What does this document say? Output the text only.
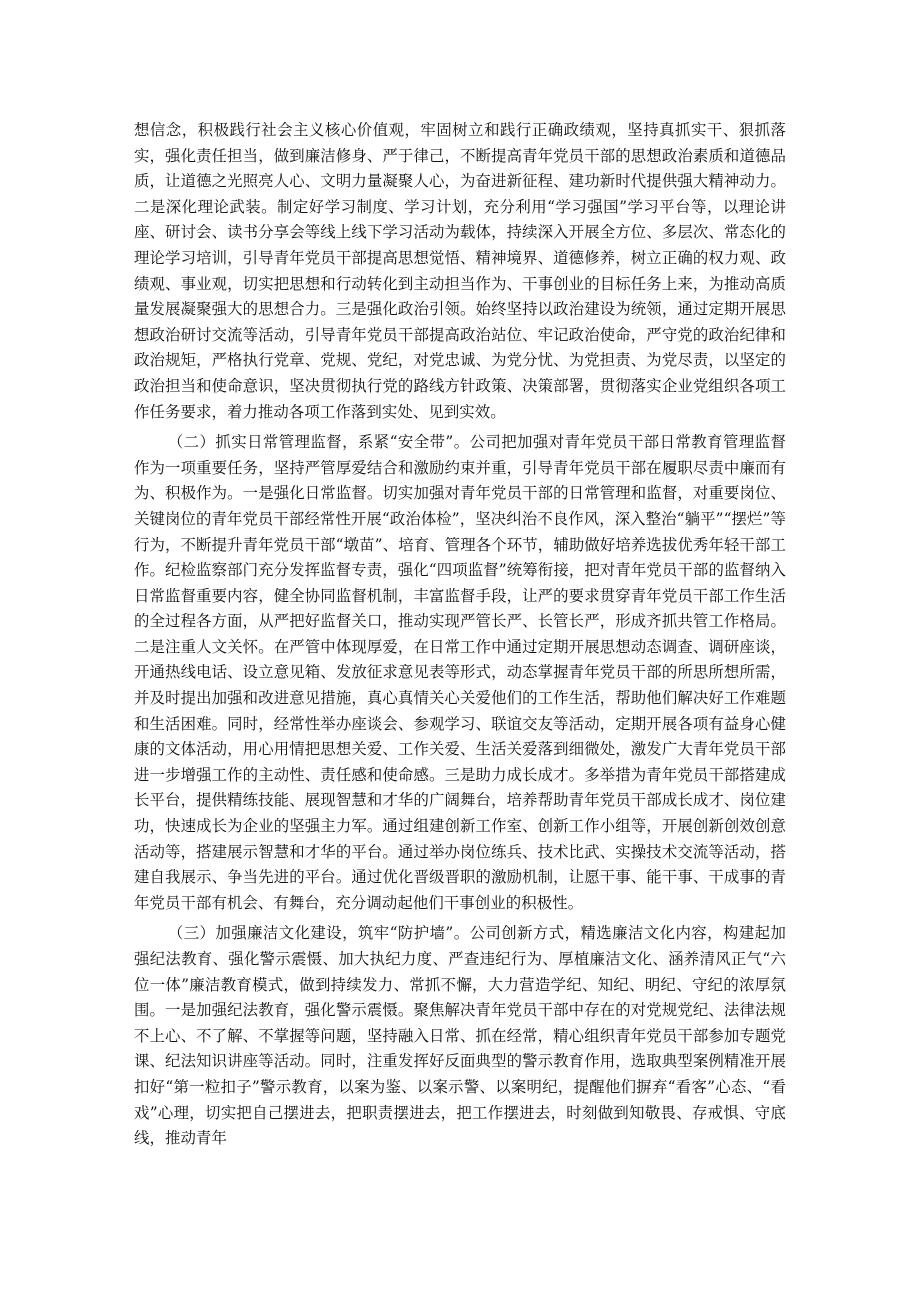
想信念，积极践行社会主义核心价值观，牢固树立和践行正确政绩观，坚持真抓实干、狠抓落实，强化责任担当，做到廉洁修身、严于律己，不断提高青年党员干部的思想政治素质和道德品质，让道德之光照亮人心、文明力量凝聚人心，为奋进新征程、建功新时代提供强大精神动力。二是深化理论武装。制定好学习制度、学习计划，充分利用“学习强国”学习平台等，以理论讲座、研讨会、读书分享会等线上线下学习活动为载体，持续深入开展全方位、多层次、常态化的理论学习培训，引导青年党员干部提高思想觉悟、精神境界、道德修养，树立正确的权力观、政绩观、事业观，切实把思想和行动转化到主动担当作为、干事创业的目标任务上来，为推动高质量发展凝聚强大的思想合力。三是强化政治引领。始终坚持以政治建设为统领，通过定期开展思想政治研讨交流等活动，引导青年党员干部提高政治站位、牢记政治使命，严守党的政治纪律和政治规矩，严格执行党章、党规、党纪，对党忠诚、为党分忧、为党担责、为党尽责，以坚定的政治担当和使命意识，坚决贯彻执行党的路线方针政策、决策部署，贯彻落实企业党组织各项工作任务要求，着力推动各项工作落到实处、见到实效。

（二）抓实日常管理监督，系紧“安全带”。公司把加强对青年党员干部日常教育管理监督作为一项重要任务，坚持严管厚爱结合和激励约束并重，引导青年党员干部在履职尽责中廉而有为、积极作为。一是强化日常监督。切实加强对青年党员干部的日常管理和监督，对重要岗位、关键岗位的青年党员干部经常性开展“政治体检”，坚决纠治不良作风，深入整治“躺平”“摆烂”等行为，不断提升青年党员干部“墩苗”、培育、管理各个环节，辅助做好培养选拔优秀年轻干部工作。纪检监察部门充分发挥监督专责，强化“四项监督”统筹衔接，把对青年党员干部的监督纳入日常监督重要内容，健全协同监督机制，丰富监督手段，让严的要求贯穿青年党员干部工作生活的全过程各方面，从严把好监督关口，推动实现严管长严、长管长严，形成齐抓共管工作格局。二是注重人文关怀。在严管中体现厚爱，在日常工作中通过定期开展思想动态调查、调研座谈，开通热线电话、设立意见箱、发放征求意见表等形式，动态掌握青年党员干部的所思所想所需，并及时提出加强和改进意见措施，真心真情关心关爱他们的工作生活，帮助他们解决好工作难题和生活困难。同时，经常性举办座谈会、参观学习、联谊交友等活动，定期开展各项有益身心健康的文体活动，用心用情把思想关爱、工作关爱、生活关爱落到细微处，激发广大青年党员干部进一步增强工作的主动性、责任感和使命感。三是助力成长成才。多举措为青年党员干部搭建成长平台，提供精练技能、展现智慧和才华的广阔舞台，培养帮助青年党员干部成长成才、岗位建功，快速成长为企业的坚强主力军。通过组建创新工作室、创新工作小组等，开展创新创效创意活动等，搭建展示智慧和才华的平台。通过举办岗位练兵、技术比武、实操技术交流等活动，搭建自我展示、争当先进的平台。通过优化晋级晋职的激励机制，让愿干事、能干事、干成事的青年党员干部有机会、有舞台，充分调动起他们干事创业的积极性。

（三）加强廉洁文化建设，筑牢“防护墙”。公司创新方式，精选廉洁文化内容，构建起加强纪法教育、强化警示震慑、加大执纪力度、严查违纪行为、厚植廉洁文化、涵养清风正气“六位一体”廉洁教育模式，做到持续发力、常抓不懈，大力营造学纪、知纪、明纪、守纪的浓厚氛围。一是加强纪法教育，强化警示震慑。聚焦解决青年党员干部中存在的对党规党纪、法律法规不上心、不了解、不掌握等问题，坚持融入日常、抓在经常，精心组织青年党员干部参加专题党课、纪法知识讲座等活动。同时，注重发挥好反面典型的警示教育作用，选取典型案例精准开展扣好“第一粒扣子”警示教育，以案为鉴、以案示警、以案明纪，提醒他们摒弃“看客”心态、“看戏”心理，切实把自己摆进去，把职责摆进去，把工作摆进去，时刻做到知敬畏、存戒惧、守底线，推动青年
